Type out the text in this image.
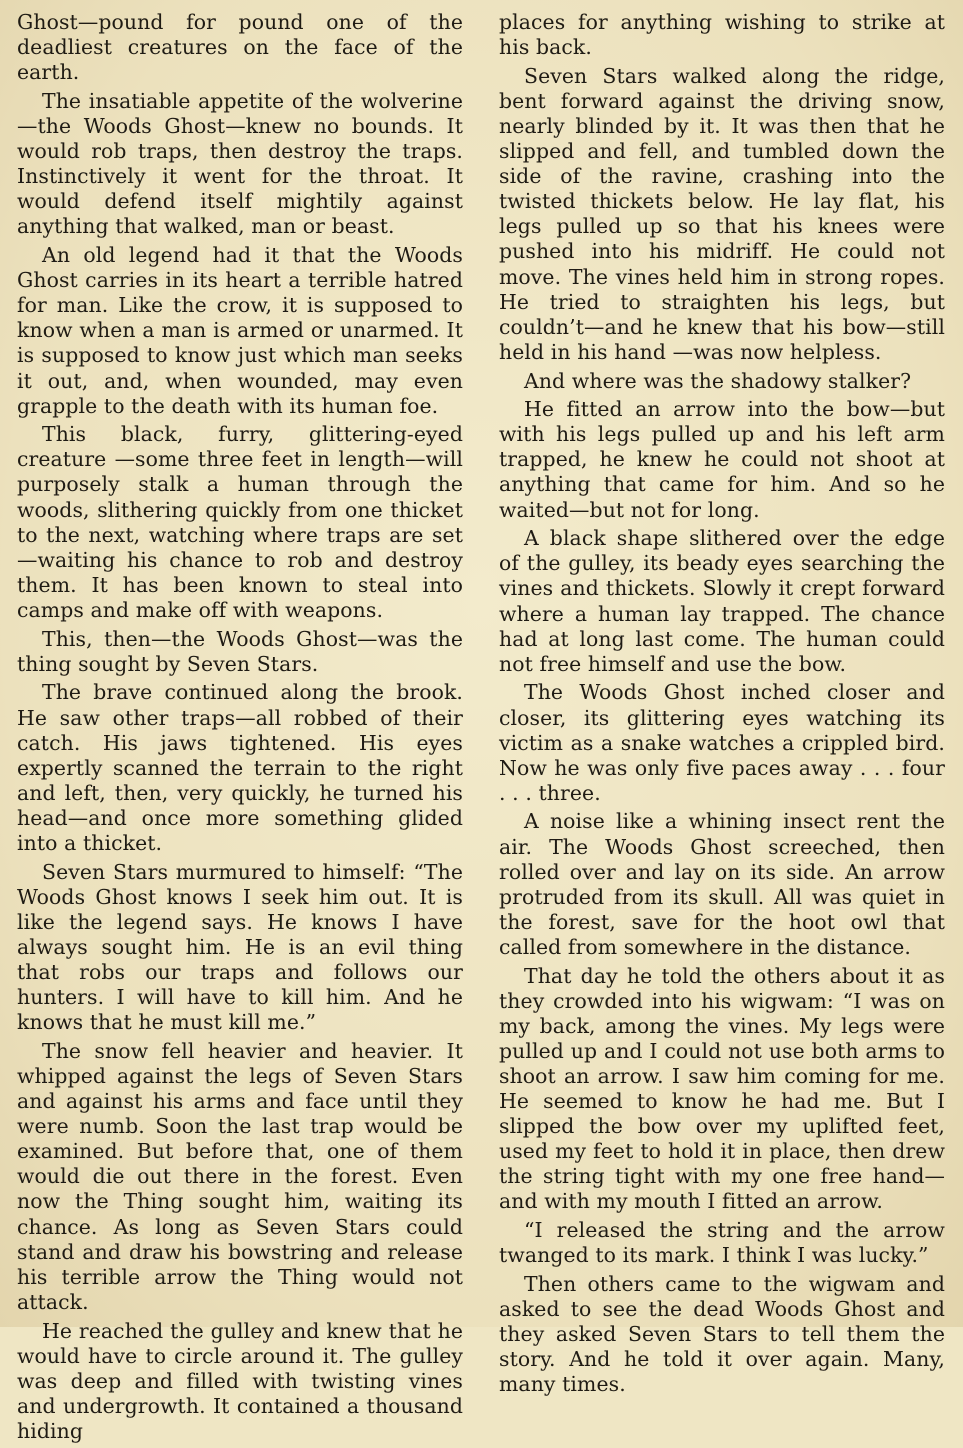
Ghost—pound for pound one of the deadliest creatures on the face of the earth.

The insatiable appetite of the wolverine—the Woods Ghost—knew no bounds. It would rob traps, then destroy the traps. Instinctively it went for the throat. It would defend itself mightily against anything that walked, man or beast.

An old legend had it that the Woods Ghost carries in its heart a terrible hatred for man. Like the crow, it is supposed to know when a man is armed or unarmed. It is supposed to know just which man seeks it out, and, when wounded, may even grapple to the death with its human foe.

This black, furry, glittering-eyed creature —some three feet in length—will purposely stalk a human through the woods, slithering quickly from one thicket to the next, watching where traps are set—waiting his chance to rob and destroy them. It has been known to steal into camps and make off with weapons.

This, then—the Woods Ghost—was the thing sought by Seven Stars.

The brave continued along the brook. He saw other traps—all robbed of their catch. His jaws tightened. His eyes expertly scanned the terrain to the right and left, then, very quickly, he turned his head—and once more something glided into a thicket.

Seven Stars murmured to himself: “The Woods Ghost knows I seek him out. It is like the legend says. He knows I have always sought him. He is an evil thing that robs our traps and follows our hunters. I will have to kill him. And he knows that he must kill me.”

The snow fell heavier and heavier. It whipped against the legs of Seven Stars and against his arms and face until they were numb. Soon the last trap would be examined. But before that, one of them would die out there in the forest. Even now the Thing sought him, waiting its chance. As long as Seven Stars could stand and draw his bowstring and release his terrible arrow the Thing would not attack.

He reached the gulley and knew that he would have to circle around it. The gulley was deep and filled with twisting vines and undergrowth. It contained a thousand hiding

places for anything wishing to strike at his back.

Seven Stars walked along the ridge, bent forward against the driving snow, nearly blinded by it. It was then that he slipped and fell, and tumbled down the side of the ravine, crashing into the twisted thickets below. He lay flat, his legs pulled up so that his knees were pushed into his midriff. He could not move. The vines held him in strong ropes. He tried to straighten his legs, but couldn’t—and he knew that his bow—still held in his hand —was now helpless.

And where was the shadowy stalker?

He fitted an arrow into the bow—but with his legs pulled up and his left arm trapped, he knew he could not shoot at anything that came for him. And so he waited—but not for long.

A black shape slithered over the edge of the gulley, its beady eyes searching the vines and thickets. Slowly it crept forward where a human lay trapped. The chance had at long last come. The human could not free himself and use the bow.

The Woods Ghost inched closer and closer, its glittering eyes watching its victim as a snake watches a crippled bird. Now he was only five paces away . . . four . . . three.

A noise like a whining insect rent the air. The Woods Ghost screeched, then rolled over and lay on its side. An arrow protruded from its skull. All was quiet in the forest, save for the hoot owl that called from somewhere in the distance.

That day he told the others about it as they crowded into his wigwam: “I was on my back, among the vines. My legs were pulled up and I could not use both arms to shoot an arrow. I saw him coming for me. He seemed to know he had me. But I slipped the bow over my uplifted feet, used my feet to hold it in place, then drew the string tight with my one free hand—and with my mouth I fitted an arrow.

“I released the string and the arrow twanged to its mark. I think I was lucky.”

Then others came to the wigwam and asked to see the dead Woods Ghost and they asked Seven Stars to tell them the story. And he told it over again. Many, many times.
